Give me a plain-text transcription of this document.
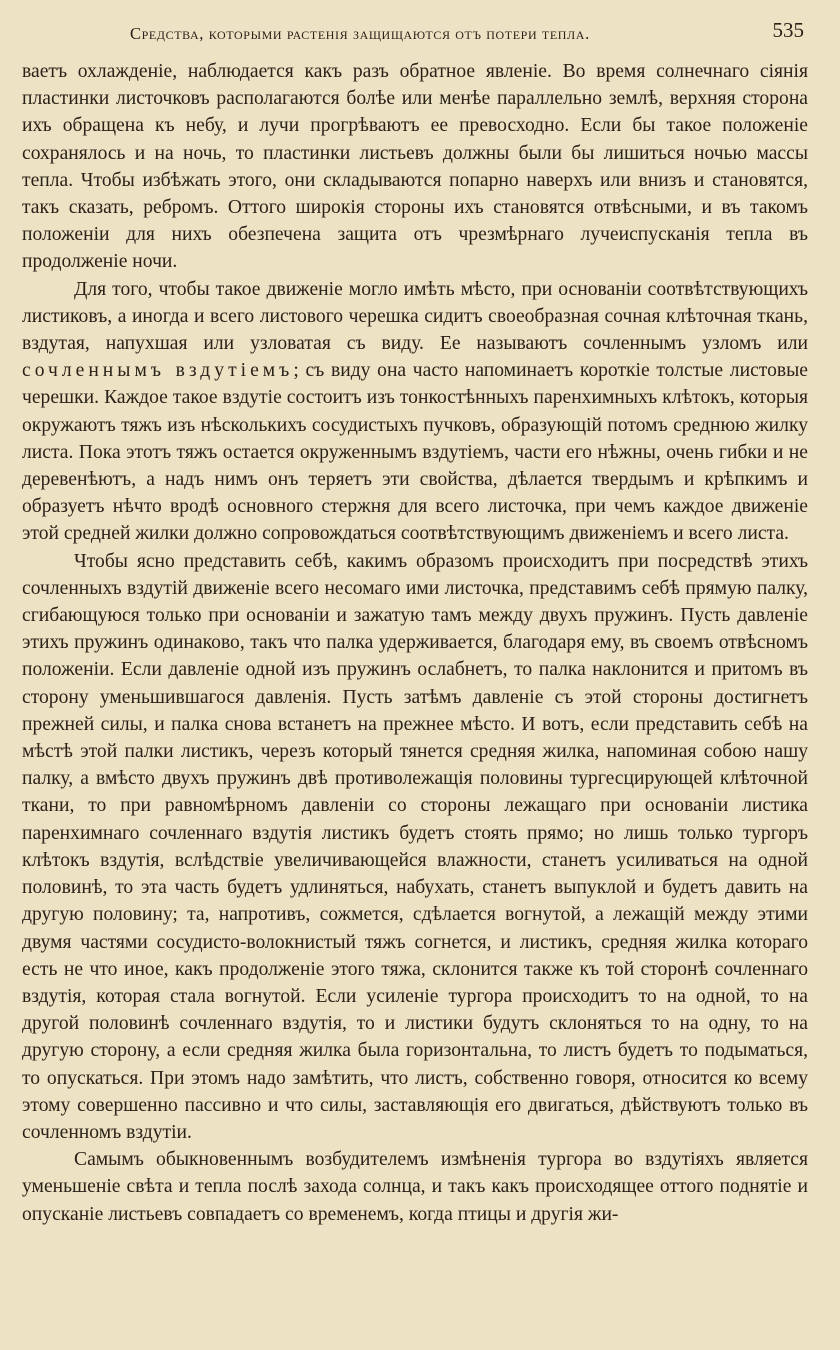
Средства, которыми растенія защищаются отъ потери тепла.	535

ваетъ охлажденіе, наблюдается какъ разъ обратное явленіе. Во время солнечнаго сіянія пластинки листочковъ располагаются болѣе или менѣе параллельно землѣ, верхняя сторона ихъ обращена къ небу, и лучи прогрѣваютъ ее превосходно. Если бы такое положеніе сохранялось и на ночь, то пластинки листьевъ должны были бы лишиться ночью массы тепла. Чтобы избѣжать этого, они складываются попарно наверхъ или внизъ и становятся, такъ сказать, ребромъ. Оттого широкія стороны ихъ становятся отвѣсными, и въ такомъ положеніи для нихъ обезпечена защита отъ чрезмѣрнаго лучеиспусканія тепла въ продолженіе ночи.

Для того, чтобы такое движеніе могло имѣть мѣсто, при основаніи соотвѣтствующихъ листиковъ, а иногда и всего листового черешка сидитъ своеобразная сочная клѣточная ткань, вздутая, напухшая или узловатая съ виду. Ее называютъ сочленнымъ узломъ или сочленнымъ вздутіемъ; съ виду она часто напоминаетъ короткіе толстые листовые черешки. Каждое такое вздутіе состоитъ изъ тонкостѣнныхъ паренхимныхъ клѣтокъ, которыя окружаютъ тяжъ изъ нѣсколькихъ сосудистыхъ пучковъ, образующій потомъ среднюю жилку листа. Пока этотъ тяжъ остается окруженнымъ вздутіемъ, части его нѣжны, очень гибки и не деревенѣютъ, а надъ нимъ онъ теряетъ эти свойства, дѣлается твердымъ и крѣпкимъ и образуетъ нѣчто вродѣ основного стержня для всего листочка, при чемъ каждое движеніе этой средней жилки должно сопровождаться соотвѣтствующимъ движеніемъ и всего листа.

Чтобы ясно представить себѣ, какимъ образомъ происходитъ при посредствѣ этихъ сочленныхъ вздутій движеніе всего несомаго ими листочка, представимъ себѣ прямую палку, сгибающуюся только при основаніи и зажатую тамъ между двухъ пружинъ. Пусть давленіе этихъ пружинъ одинаково, такъ что палка удерживается, благодаря ему, въ своемъ отвѣсномъ положеніи. Если давленіе одной изъ пружинъ ослабнетъ, то палка наклонится и притомъ въ сторону уменьшившагося давленія. Пусть затѣмъ давленіе съ этой стороны достигнетъ прежней силы, и палка снова встанетъ на прежнее мѣсто. И вотъ, если представить себѣ на мѣстѣ этой палки листикъ, черезъ который тянется средняя жилка, напоминая собою нашу палку, а вмѣсто двухъ пружинъ двѣ противолежащія половины тургесцирующей клѣточной ткани, то при равномѣрномъ давленіи со стороны лежащаго при основаніи листика паренхимнаго сочленнаго вздутія листикъ будетъ стоять прямо; но лишь только тургоръ клѣтокъ вздутія, вслѣдствіе увеличивающейся влажности, станетъ усиливаться на одной половинѣ, то эта часть будетъ удлиняться, набухать, станетъ выпуклой и будетъ давить на другую половину; та, напротивъ, сожмется, сдѣлается вогнутой, а лежащій между этими двумя частями сосудисто-волокнистый тяжъ согнется, и листикъ, средняя жилка котораго есть не что иное, какъ продолженіе этого тяжа, склонится также къ той сторонѣ сочленнаго вздутія, которая стала вогнутой. Если усиленіе тургора происходитъ то на одной, то на другой половинѣ сочленнаго вздутія, то и листики будутъ склоняться то на одну, то на другую сторону, а если средняя жилка была горизонтальна, то листъ будетъ то подыматься, то опускаться. При этомъ надо замѣтить, что листъ, собственно говоря, относится ко всему этому совершенно пассивно и что силы, заставляющія его двигаться, дѣйствуютъ только въ сочленномъ вздутіи.

Самымъ обыкновеннымъ возбудителемъ измѣненія тургора во вздутіяхъ является уменьшеніе свѣта и тепла послѣ захода солнца, и такъ какъ происходящее оттого поднятіе и опусканіе листьевъ совпадаетъ со временемъ, когда птицы и другія жи-
